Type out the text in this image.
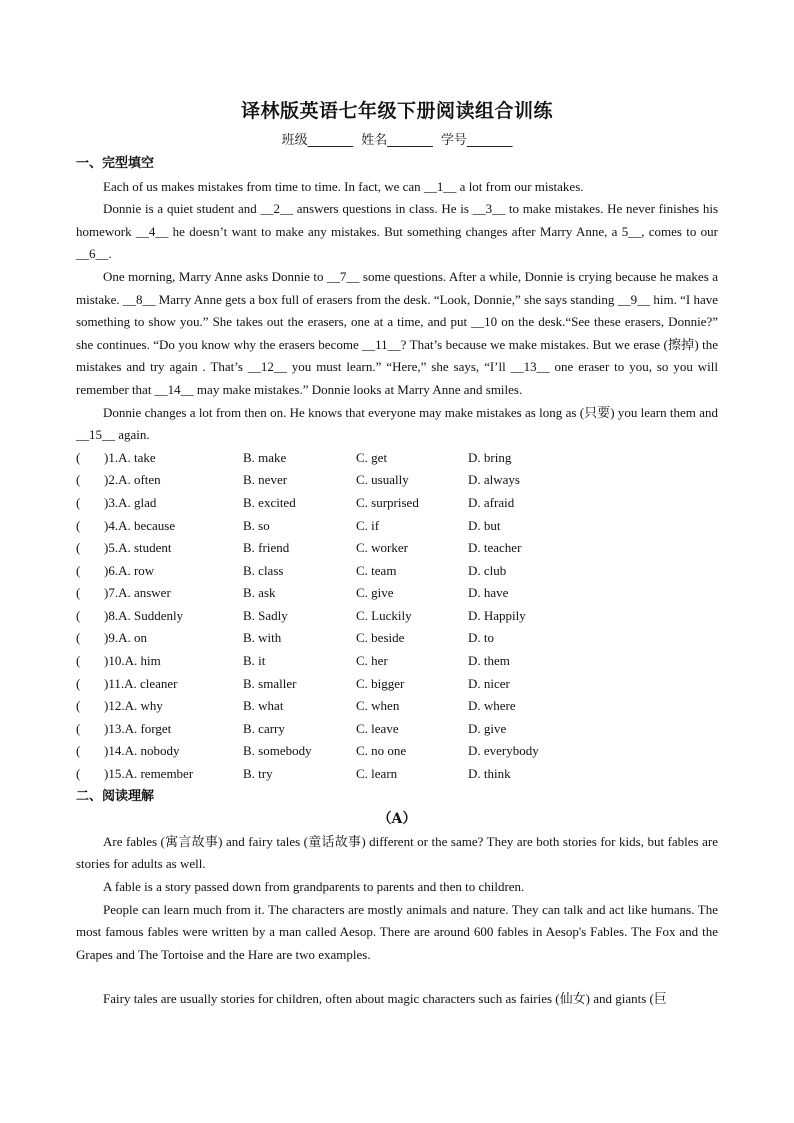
译林版英语七年级下册阅读组合训练
班级_______ 姓名_______ 学号_______
一、完型填空
Each of us makes mistakes from time to time. In fact, we can __1__ a lot from our mistakes.
Donnie is a quiet student and __2__ answers questions in class. He is __3__ to make mistakes. He never finishes his homework __4__ he doesn’t want to make any mistakes. But something changes after Marry Anne, a 5__, comes to our __6__.
One morning, Marry Anne asks Donnie to __7__ some questions. After a while, Donnie is crying because he makes a mistake. __8__ Marry Anne gets a box full of erasers from the desk. “Look, Donnie,” she says standing __9__ him. “I have something to show you.” She takes out the erasers, one at a time, and put __10 on the desk.“See these erasers, Donnie?” she continues. “Do you know why the erasers become __11__? That’s because we make mistakes. But we erase (擦掉) the mistakes and try again . That’s __12__ you must learn.” “Here,” she says, “I’ll __13__ one eraser to you, so you will remember that __14__ may make mistakes.” Donnie looks at Marry Anne and smiles.
Donnie changes a lot from then on. He knows that everyone may make mistakes as long as (只要) you learn them and __15__ again.
(	)1.A. take	B. make	C. get	D. bring
(	)2.A. often	B. never	C. usually	D. always
(	)3.A. glad	B. excited	C. surprised	D. afraid
(	)4.A. because	B. so	C. if	D. but
(	)5.A. student	B. friend	C. worker	D. teacher
(	)6.A. row	B. class	C. team	D. club
(	)7.A. answer	B. ask	C. give	D. have
(	)8.A. Suddenly	B. Sadly	C. Luckily	D. Happily
(	)9.A. on	B. with	C. beside	D. to
(	)10.A. him	B. it	C. her	D. them
(	)11.A. cleaner	B. smaller	C. bigger	D. nicer
(	)12.A. why	B. what	C. when	D. where
(	)13.A. forget	B. carry	C. leave	D. give
(	)14.A. nobody	B. somebody	C. no one	D. everybody
(	)15.A. remember	B. try	C. learn	D. think
二、阅读理解
（A）
Are fables (寓言故事) and fairy tales (童话故事) different or the same? They are both stories for kids, but fables are stories for adults as well.
A fable is a story passed down from grandparents to parents and then to children.
People can learn much from it. The characters are mostly animals and nature. They can talk and act like humans. The most famous fables were written by a man called Aesop. There are around 600 fables in Aesop's Fables. The Fox and the Grapes and The Tortoise and the Hare are two examples.
Fairy tales are usually stories for children, often about magic characters such as fairies (仙女) and giants (巨
